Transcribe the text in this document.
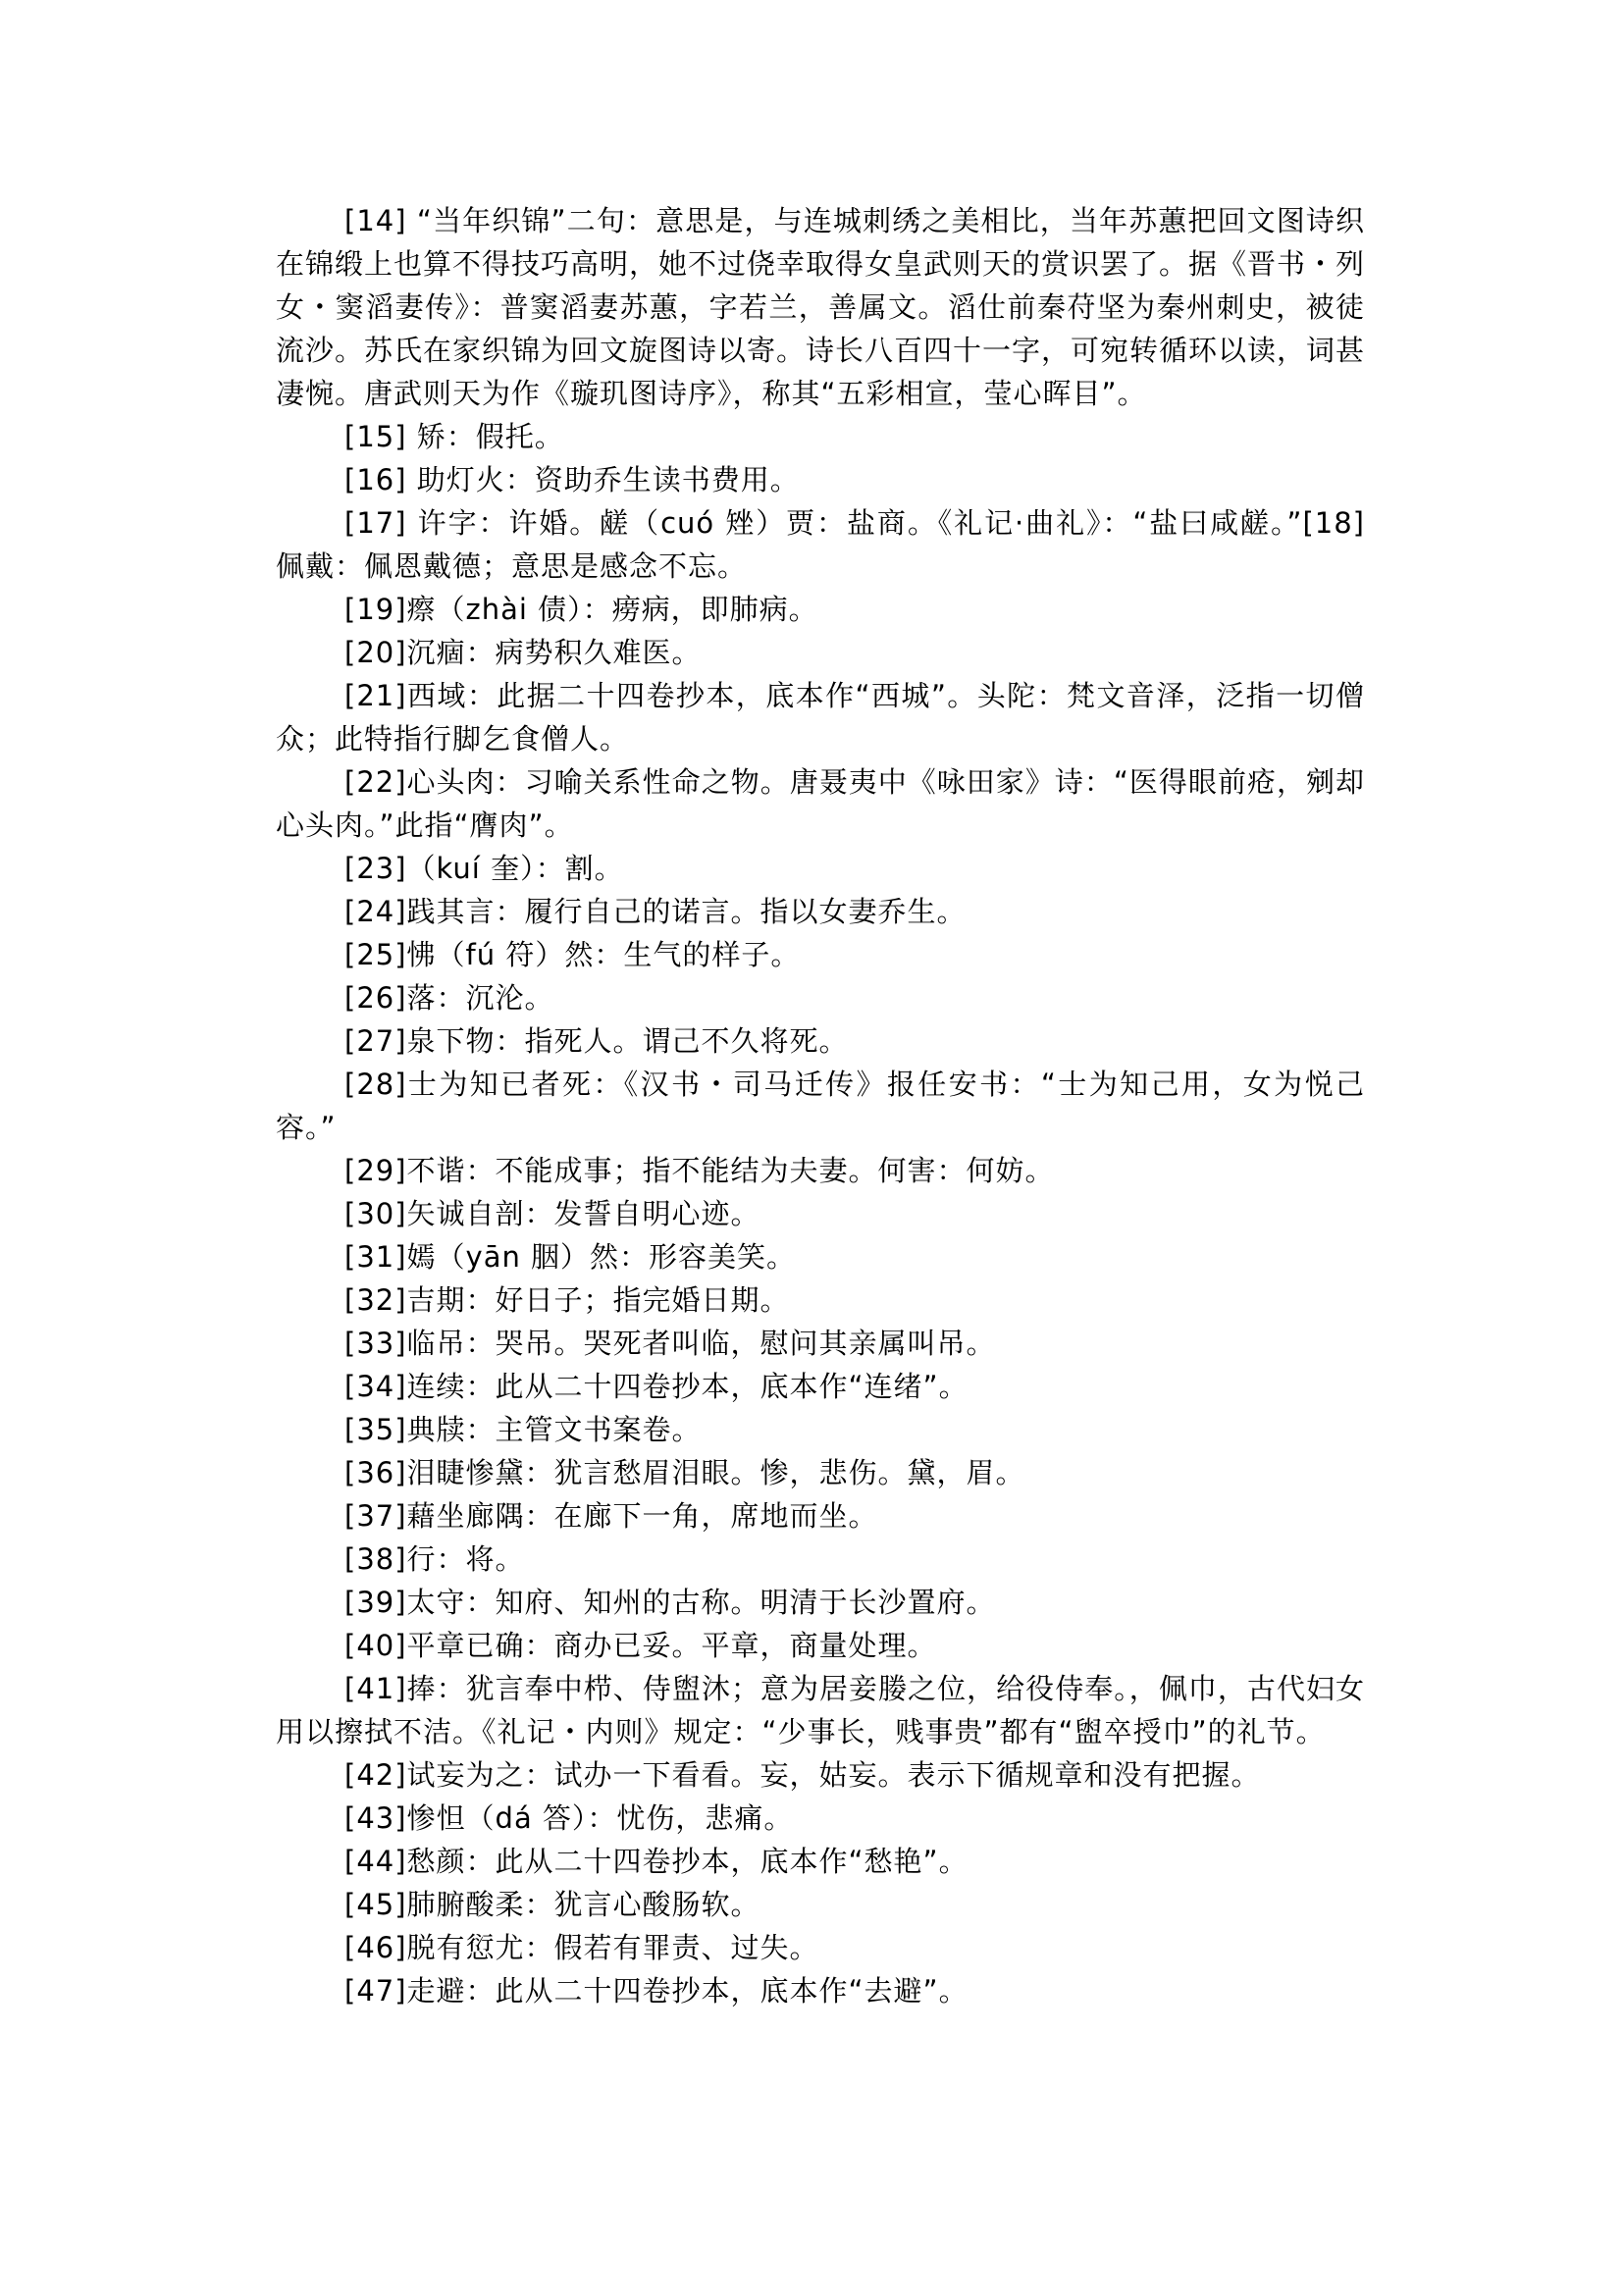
[14] “当年织锦”二句：意思是，与连城刺绣之美相比，当年苏蕙把回文图诗织在锦缎上也算不得技巧高明，她不过侥幸取得女皇武则天的赏识罢了。据《晋书・列女・窦滔妻传》：普窦滔妻苏蕙，字若兰，善属文。滔仕前秦苻坚为秦州刺史，被徒流沙。苏氏在家织锦为回文旋图诗以寄。诗长八百四十一字，可宛转循环以读，词甚凄惋。唐武则天为作《璇玑图诗序》，称其“五彩相宣，莹心晖目”。

[15] 矫：假托。

[16] 助灯火：资助乔生读书费用。

[17] 许字：许婚。鹾（cuó 矬）贾：盐商。《礼记·曲礼》：“盐曰咸鹾。”[18] 佩戴：佩恩戴德；意思是感念不忘。

[19]瘵（zhài 债）：痨病，即肺病。

[20]沉痼：病势积久难医。

[21]西域：此据二十四卷抄本，底本作“西城”。头陀：梵文音泽，泛指一切僧众；此特指行脚乞食僧人。

[22]心头肉：习喻关系性命之物。唐聂夷中《咏田家》诗：“医得眼前疮，剜却心头肉。”此指“膺肉”。

[23]（kuí 奎）：割。

[24]践其言：履行自己的诺言。指以女妻乔生。

[25]怫（fú 符）然：生气的样子。

[26]落：沉沦。

[27]泉下物：指死人。谓己不久将死。

[28]士为知已者死：《汉书・司马迁传》报任安书：“士为知己用，女为悦己容。”

[29]不谐：不能成事；指不能结为夫妻。何害：何妨。

[30]矢诚自剖：发誓自明心迹。

[31]嫣（yān 胭）然：形容美笑。

[32]吉期：好日子；指完婚日期。

[33]临吊：哭吊。哭死者叫临，慰问其亲属叫吊。

[34]连续：此从二十四卷抄本，底本作“连绪”。

[35]典牍：主管文书案卷。

[36]泪睫惨黛：犹言愁眉泪眼。惨，悲伤。黛，眉。

[37]藉坐廊隅：在廊下一角，席地而坐。

[38]行：将。

[39]太守：知府、知州的古称。明清于长沙置府。

[40]平章已确：商办已妥。平章，商量处理。

[41]捧：犹言奉中栉、侍盥沐；意为居妾媵之位，给役侍奉。，佩巾，古代妇女用以擦拭不洁。《礼记・内则》规定：“少事长，贱事贵”都有“盥卒授巾”的礼节。

[42]试妄为之：试办一下看看。妄，姑妄。表示下循规章和没有把握。

[43]惨怛（dá 答）：忧伤，悲痛。

[44]愁颜：此从二十四卷抄本，底本作“愁艳”。

[45]肺腑酸柔：犹言心酸肠软。

[46]脱有愆尤：假若有罪责、过失。

[47]走避：此从二十四卷抄本，底本作“去避”。
